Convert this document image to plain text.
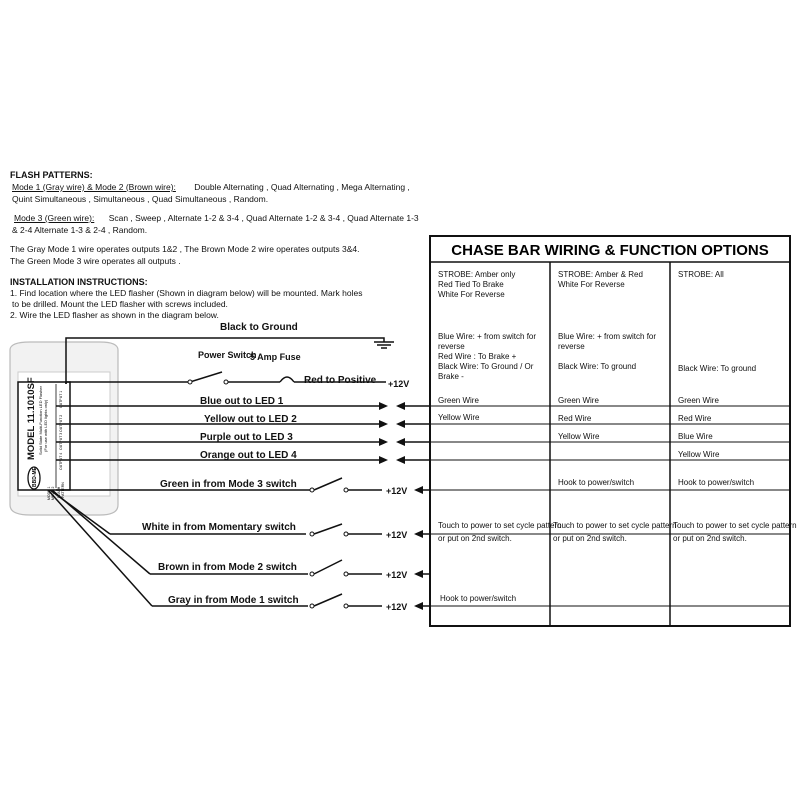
FLASH PATTERNS:
Mode 1 (Gray wire) & Mode 2 (Brown wire): Double Alternating , Quad Alternating , Mega Alternating ,
Quint Simultaneous , Simultaneous , Quad Simultaneous , Random.
Mode 3 (Green wire): Scan , Sweep , Alternate 1-2 & 3-4 , Quad Alternate 1-2 & 3-4 , Quad Alternate 1-3
& 2-4 Alternate 1-3 & 2-4 , Random.
The Gray Mode 1 wire operates outputs 1&2 , The Brown Mode 2 wire operates outputs 3&4.
The Green Mode 3 wire operates all outputs .
INSTALLATION INSTRUCTIONS:
1. Find location where the LED flasher (Shown in diagram below) will be mounted. Mark holes
to be drilled. Mount the LED flasher with screws included.
2. Wire the LED flasher as shown in the diagram below.
MODEL 11.1010SF Solid State Multi-Function LED Flasher (For use with LED lights only)
BBD-ME
OUTPUT 1
OUTPUT 2
OUTPUT 3
OUTPUT 4
FLASH PATTERN
MODE 1 MODE 2
Black to Ground
Power Switch
5 Amp Fuse
Red to Positive +12V
Blue out to LED 1
Yellow out to LED 2
Purple out to LED 3
Orange out to LED 4
Green in from Mode 3 switch
White in from Momentary switch
Brown in from Mode 2 switch
Gray in from Mode 1 switch
+12V
+12V
+12V
+12V
CHASE BAR WIRING & FUNCTION OPTIONS
STROBE: Amber only
Red Tied To Brake
White For Reverse
Blue Wire: + from switch for
reverse
Red Wire : To Brake +
Black Wire: To Ground / Or
Brake -
Green Wire
Yellow Wire
Touch to power to set cycle pattern
or put on 2nd switch.
Hook to power/switch
STROBE: Amber & Red
White For Reverse
Blue Wire: + from switch for
reverse
Black Wire: To ground
Green Wire
Red Wire
Yellow Wire
Hook to power/switch
Touch to power to set cycle pattern
or put on 2nd switch.
STROBE: All
Black Wire: To ground
Green Wire
Red Wire
Blue Wire
Yellow Wire
Hook to power/switch
Touch to power to set cycle pattern
or put on 2nd switch.
